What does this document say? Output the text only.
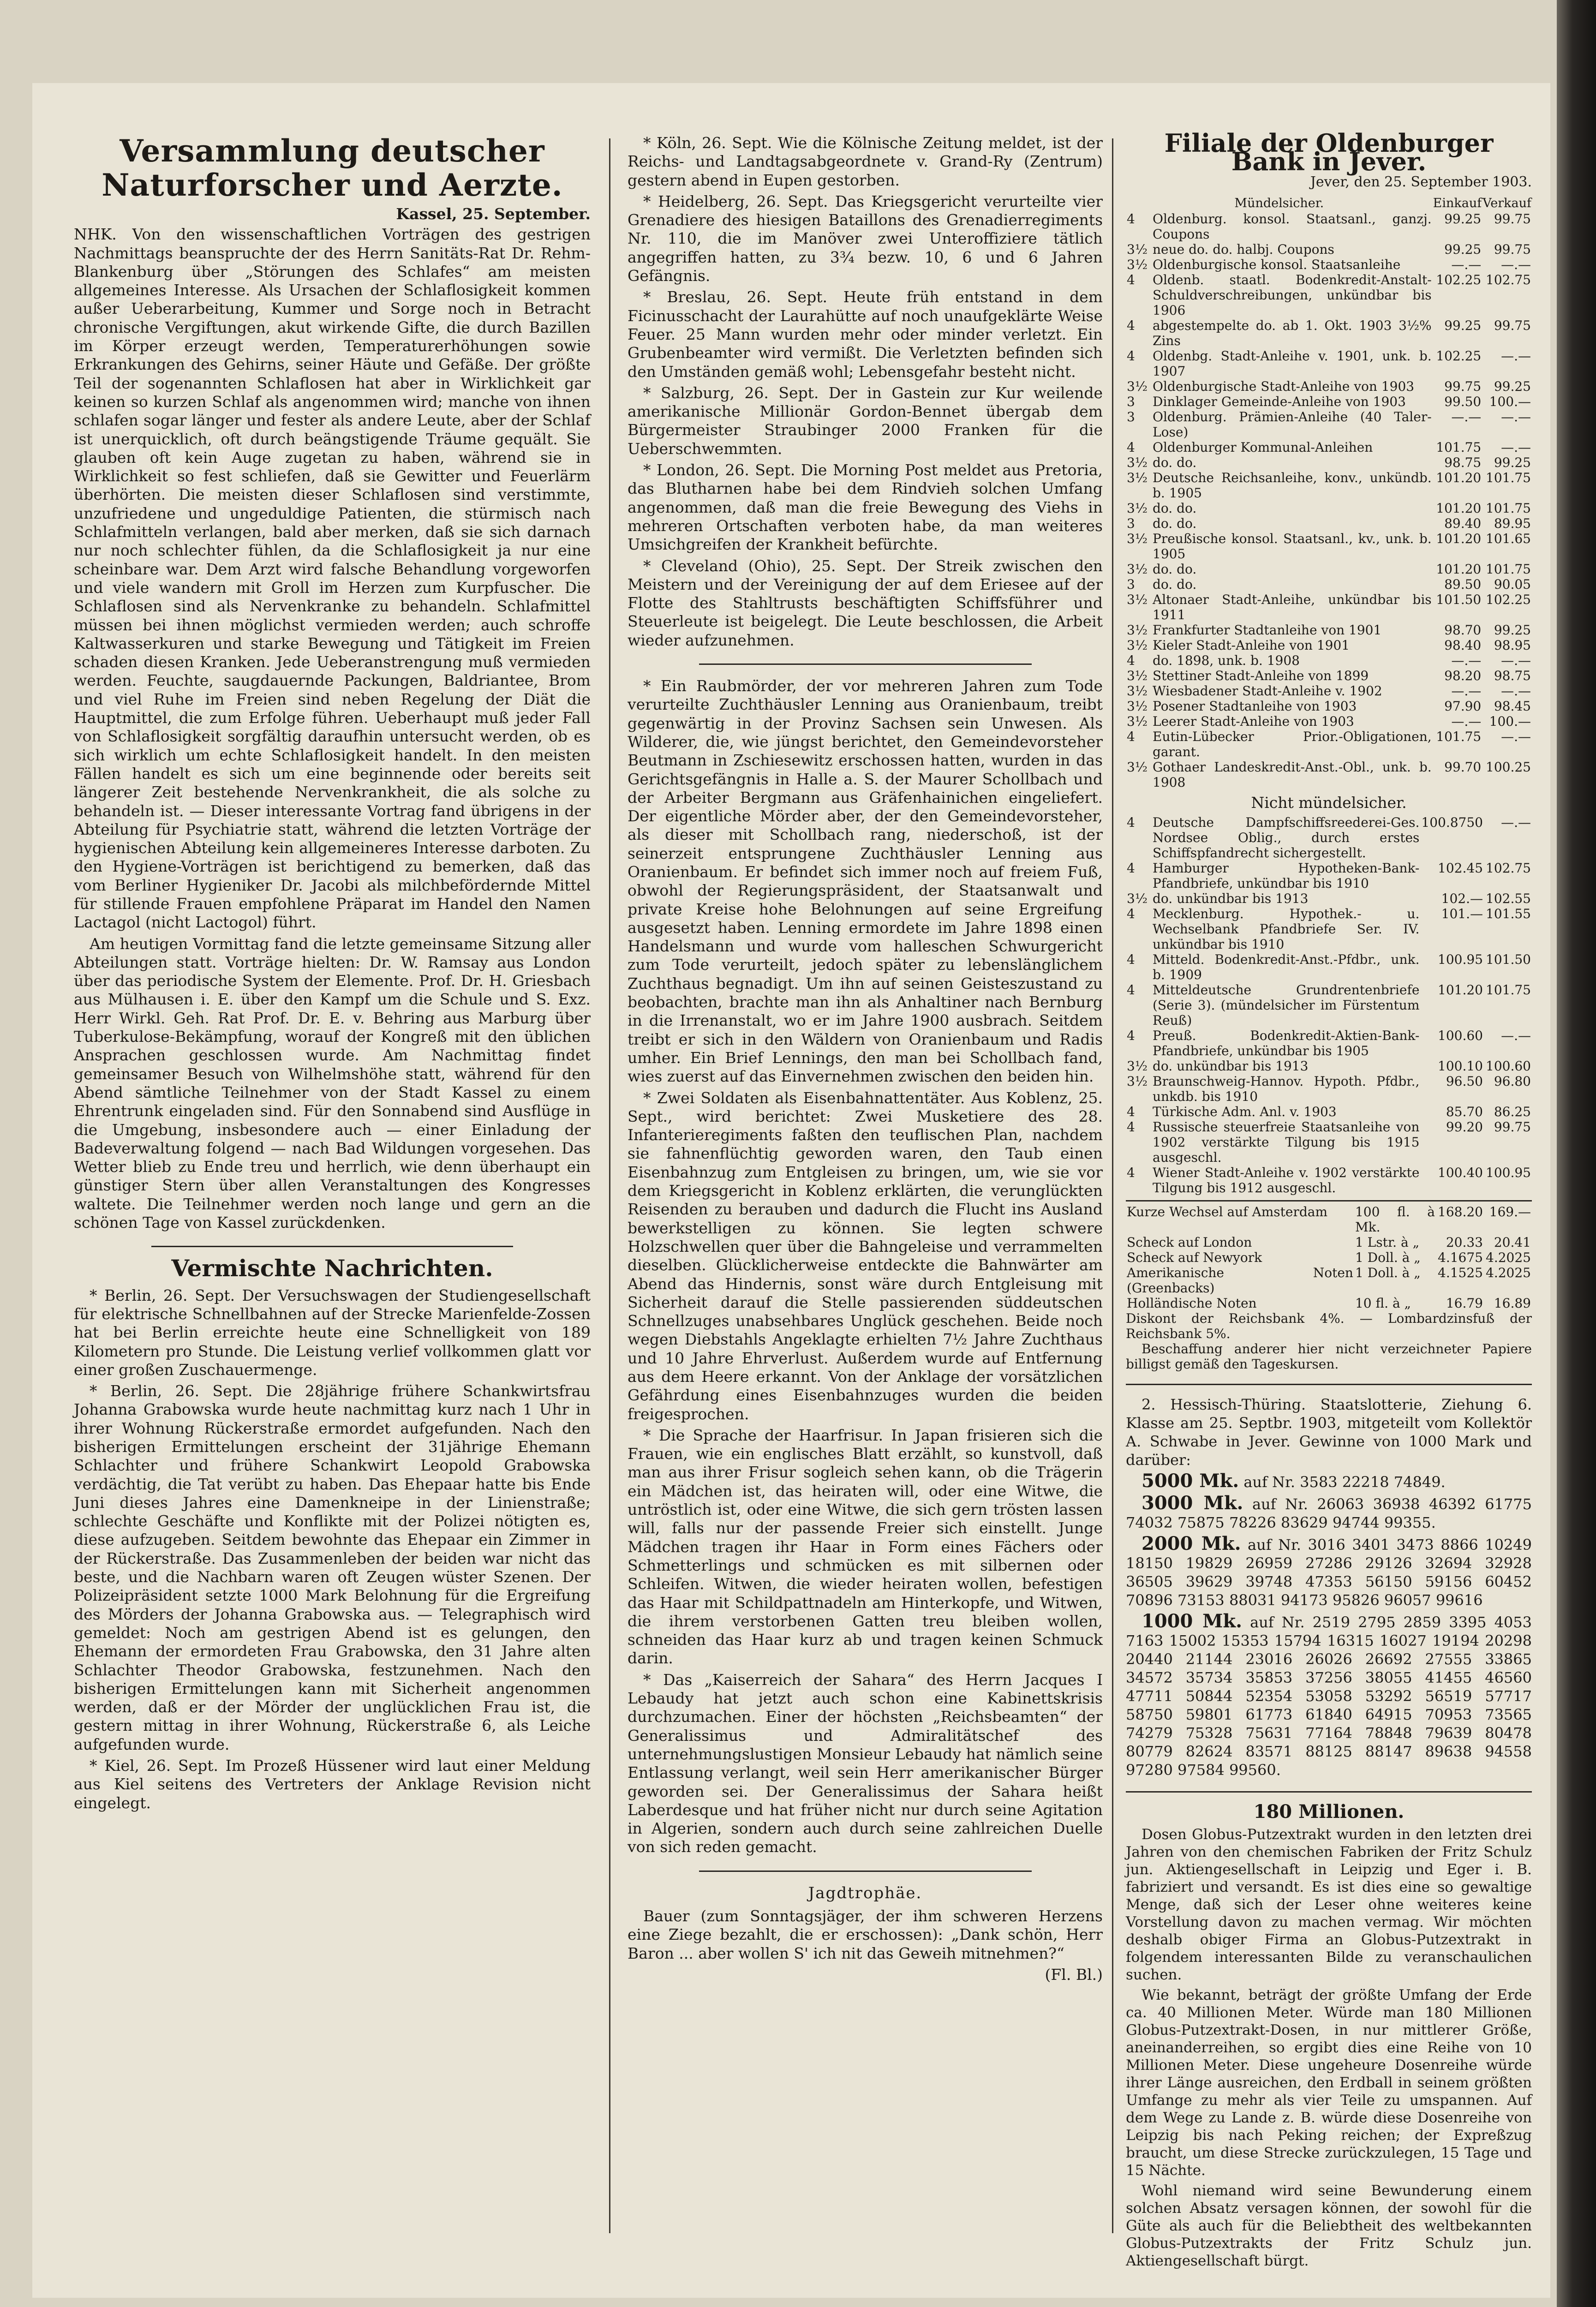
Versammlung deutscher Naturforscher und Aerzte.
Kassel, 25. September.

NHK. Von den wissenschaftlichen Vorträgen des gestrigen Nachmittags beanspruchte der des Herrn Sanitäts-Rat Dr. Rehm-Blankenburg über „Störungen des Schlafes“ am meisten allgemeines Interesse. Als Ursachen der Schlaflosigkeit kommen außer Ueberarbeitung, Kummer und Sorge noch in Betracht chronische Vergiftungen, akut wirkende Gifte, die durch Bazillen im Körper erzeugt werden, Temperaturerhöhungen sowie Erkrankungen des Gehirns, seiner Häute und Gefäße. Der größte Teil der sogenannten Schlaflosen hat aber in Wirklichkeit gar keinen so kurzen Schlaf als angenommen wird; manche von ihnen schlafen sogar länger und fester als andere Leute, aber der Schlaf ist unerquicklich, oft durch beängstigende Träume gequält. Sie glauben oft kein Auge zugetan zu haben, während sie in Wirklichkeit so fest schliefen, daß sie Gewitter und Feuerlärm überhörten. Die meisten dieser Schlaflosen sind verstimmte, unzufriedene und ungeduldige Patienten, die stürmisch nach Schlafmitteln verlangen, bald aber merken, daß sie sich darnach nur noch schlechter fühlen, da die Schlaflosigkeit ja nur eine scheinbare war. Dem Arzt wird falsche Behandlung vorgeworfen und viele wandern mit Groll im Herzen zum Kurpfuscher. Die Schlaflosen sind als Nervenkranke zu behandeln. Schlafmittel müssen bei ihnen möglichst vermieden werden; auch schroffe Kaltwasserkuren und starke Bewegung und Tätigkeit im Freien schaden diesen Kranken. Jede Ueberanstrengung muß vermieden werden. Feuchte, saugdauernde Packungen, Baldriantee, Brom und viel Ruhe im Freien sind neben Regelung der Diät die Hauptmittel, die zum Erfolge führen. Ueberhaupt muß jeder Fall von Schlaflosigkeit sorgfältig daraufhin untersucht werden, ob es sich wirklich um echte Schlaflosigkeit handelt. In den meisten Fällen handelt es sich um eine beginnende oder bereits seit längerer Zeit bestehende Nervenkrankheit, die als solche zu behandeln ist. — Dieser interessante Vortrag fand übrigens in der Abteilung für Psychiatrie statt, während die letzten Vorträge der hygienischen Abteilung kein allgemeineres Interesse darboten. Zu den Hygiene-Vorträgen ist berichtigend zu bemerken, daß das vom Berliner Hygieniker Dr. Jacobi als milchbefördernde Mittel für stillende Frauen empfohlene Präparat im Handel den Namen Lactagol (nicht Lactogol) führt.

Am heutigen Vormittag fand die letzte gemeinsame Sitzung aller Abteilungen statt. Vorträge hielten: Dr. W. Ramsay aus London über das periodische System der Elemente. Prof. Dr. H. Griesbach aus Mülhausen i. E. über den Kampf um die Schule und S. Exz. Herr Wirkl. Geh. Rat Prof. Dr. E. v. Behring aus Marburg über Tuberkulose-Bekämpfung, worauf der Kongreß mit den üblichen Ansprachen geschlossen wurde. Am Nachmittag findet gemeinsamer Besuch von Wilhelmshöhe statt, während für den Abend sämtliche Teilnehmer von der Stadt Kassel zu einem Ehrentrunk eingeladen sind. Für den Sonnabend sind Ausflüge in die Umgebung, insbesondere auch — einer Einladung der Badeverwaltung folgend — nach Bad Wildungen vorgesehen. Das Wetter blieb zu Ende treu und herrlich, wie denn überhaupt ein günstiger Stern über allen Veranstaltungen des Kongresses waltete. Die Teilnehmer werden noch lange und gern an die schönen Tage von Kassel zurückdenken.

Vermischte Nachrichten.

* Berlin, 26. Sept. Der Versuchswagen der Studiengesellschaft für elektrische Schnellbahnen auf der Strecke Marienfelde-Zossen hat bei Berlin erreichte heute eine Schnelligkeit von 189 Kilometern pro Stunde. Die Leistung verlief vollkommen glatt vor einer großen Zuschauermenge.

* Berlin, 26. Sept. Die 28jährige frühere Schankwirtsfrau Johanna Grabowska wurde heute nachmittag kurz nach 1 Uhr in ihrer Wohnung Rückerstraße ermordet aufgefunden. Nach den bisherigen Ermittelungen erscheint der 31jährige Ehemann Schlachter und frühere Schankwirt Leopold Grabowska verdächtig, die Tat verübt zu haben. Das Ehepaar hatte bis Ende Juni dieses Jahres eine Damenkneipe in der Linienstraße; schlechte Geschäfte und Konflikte mit der Polizei nötigten es, diese aufzugeben. Seitdem bewohnte das Ehepaar ein Zimmer in der Rückerstraße. Das Zusammenleben der beiden war nicht das beste, und die Nachbarn waren oft Zeugen wüster Szenen. Der Polizeipräsident setzte 1000 Mark Belohnung für die Ergreifung des Mörders der Johanna Grabowska aus. — Telegraphisch wird gemeldet: Noch am gestrigen Abend ist es gelungen, den Ehemann der ermordeten Frau Grabowska, den 31 Jahre alten Schlachter Theodor Grabowska, festzunehmen. Nach den bisherigen Ermittelungen kann mit Sicherheit angenommen werden, daß er der Mörder der unglücklichen Frau ist, die gestern mittag in ihrer Wohnung, Rückerstraße 6, als Leiche aufgefunden wurde.

* Kiel, 26. Sept. Im Prozeß Hüssener wird laut einer Meldung aus Kiel seitens des Vertreters der Anklage Revision nicht eingelegt.

* Köln, 26. Sept. Wie die Kölnische Zeitung meldet, ist der Reichs- und Landtagsabgeordnete v. Grand-Ry (Zentrum) gestern abend in Eupen gestorben.

* Heidelberg, 26. Sept. Das Kriegsgericht verurteilte vier Grenadiere des hiesigen Bataillons des Grenadierregiments Nr. 110, die im Manöver zwei Unteroffiziere tätlich angegriffen hatten, zu 3¾ bezw. 10, 6 und 6 Jahren Gefängnis.

* Breslau, 26. Sept. Heute früh entstand in dem Ficinusschacht der Laurahütte auf noch unaufgeklärte Weise Feuer. 25 Mann wurden mehr oder minder verletzt. Ein Grubenbeamter wird vermißt. Die Verletzten befinden sich den Umständen gemäß wohl; Lebensgefahr besteht nicht.

* Salzburg, 26. Sept. Der in Gastein zur Kur weilende amerikanische Millionär Gordon-Bennet übergab dem Bürgermeister Straubinger 2000 Franken für die Ueberschwemmten.

* London, 26. Sept. Die Morning Post meldet aus Pretoria, das Blutharnen habe bei dem Rindvieh solchen Umfang angenommen, daß man die freie Bewegung des Viehs in mehreren Ortschaften verboten habe, da man weiteres Umsichgreifen der Krankheit befürchte.

* Cleveland (Ohio), 25. Sept. Der Streik zwischen den Meistern und der Vereinigung der auf dem Eriesee auf der Flotte des Stahltrusts beschäftigten Schiffsführer und Steuerleute ist beigelegt. Die Leute beschlossen, die Arbeit wieder aufzunehmen.

* Ein Raubmörder, der vor mehreren Jahren zum Tode verurteilte Zuchthäusler Lenning aus Oranienbaum, treibt gegenwärtig in der Provinz Sachsen sein Unwesen. Als Wilderer, die, wie jüngst berichtet, den Gemeindevorsteher Beutmann in Zschiesewitz erschossen hatten, wurden in das Gerichtsgefängnis in Halle a. S. der Maurer Schollbach und der Arbeiter Bergmann aus Gräfenhainichen eingeliefert. Der eigentliche Mörder aber, der den Gemeindevorsteher, als dieser mit Schollbach rang, niederschoß, ist der seinerzeit entsprungene Zuchthäusler Lenning aus Oranienbaum. Er befindet sich immer noch auf freiem Fuß, obwohl der Regierungspräsident, der Staatsanwalt und private Kreise hohe Belohnungen auf seine Ergreifung ausgesetzt haben. Lenning ermordete im Jahre 1898 einen Handelsmann und wurde vom halleschen Schwurgericht zum Tode verurteilt, jedoch später zu lebenslänglichem Zuchthaus begnadigt. Um ihn auf seinen Geisteszustand zu beobachten, brachte man ihn als Anhaltiner nach Bernburg in die Irrenanstalt, wo er im Jahre 1900 ausbrach. Seitdem treibt er sich in den Wäldern von Oranienbaum und Radis umher. Ein Brief Lennings, den man bei Schollbach fand, wies zuerst auf das Einvernehmen zwischen den beiden hin.

* Zwei Soldaten als Eisenbahnattentäter. Aus Koblenz, 25. Sept., wird berichtet: Zwei Musketiere des 28. Infanterieregiments faßten den teuflischen Plan, nachdem sie fahnenflüchtig geworden waren, den Taub einen Eisenbahnzug zum Entgleisen zu bringen, um, wie sie vor dem Kriegsgericht in Koblenz erklärten, die verunglückten Reisenden zu berauben und dadurch die Flucht ins Ausland bewerkstelligen zu können. Sie legten schwere Holzschwellen quer über die Bahngeleise und verrammelten dieselben. Glücklicherweise entdeckte die Bahnwärter am Abend das Hindernis, sonst wäre durch Entgleisung mit Sicherheit darauf die Stelle passierenden süddeutschen Schnellzuges unabsehbares Unglück geschehen. Beide noch wegen Diebstahls Angeklagte erhielten 7½ Jahre Zuchthaus und 10 Jahre Ehrverlust. Außerdem wurde auf Entfernung aus dem Heere erkannt. Von der Anklage der vorsätzlichen Gefährdung eines Eisenbahnzuges wurden die beiden freigesprochen.

* Die Sprache der Haarfrisur. In Japan frisieren sich die Frauen, wie ein englisches Blatt erzählt, so kunstvoll, daß man aus ihrer Frisur sogleich sehen kann, ob die Trägerin ein Mädchen ist, das heiraten will, oder eine Witwe, die untröstlich ist, oder eine Witwe, die sich gern trösten lassen will, falls nur der passende Freier sich einstellt. Junge Mädchen tragen ihr Haar in Form eines Fächers oder Schmetterlings und schmücken es mit silbernen oder Schleifen. Witwen, die wieder heiraten wollen, befestigen das Haar mit Schildpattnadeln am Hinterkopfe, und Witwen, die ihrem verstorbenen Gatten treu bleiben wollen, schneiden das Haar kurz ab und tragen keinen Schmuck darin.

* Das „Kaiserreich der Sahara“ des Herrn Jacques I Lebaudy hat jetzt auch schon eine Kabinettskrisis durchzumachen. Einer der höchsten „Reichsbeamten“ der Generalissimus und Admiralitätschef des unternehmungslustigen Monsieur Lebaudy hat nämlich seine Entlassung verlangt, weil sein Herr amerikanischer Bürger geworden sei. Der Generalissimus der Sahara heißt Laberdesque und hat früher nicht nur durch seine Agitation in Algerien, sondern auch durch seine zahlreichen Duelle von sich reden gemacht.

Jagdtrophäe.

Bauer (zum Sonntagsjäger, der ihm schweren Herzens eine Ziege bezahlt, die er erschossen): „Dank schön, Herr Baron ... aber wollen S' ich nit das Geweih mitnehmen?“

(Fl. Bl.)
Filiale der Oldenburger Bank in Jever.
Jever, den 25. September 1903.
Mündelsicher.		Einkauf	Verkauf
4	Oldenburg. konsol. Staatsanl., ganzj. Coupons	99.25	99.75
3½	neue do. do. halbj. Coupons	99.25	99.75
3½	Oldenburgische konsol. Staatsanleihe	—.—	—.—
4	Oldenb. staatl. Bodenkredit-Anstalt-Schuldverschreibungen, unkündbar bis 1906	102.25	102.75
4	abgestempelte do. ab 1. Okt. 1903 3½% Zins	99.25	99.75
4	Oldenbg. Stadt-Anleihe v. 1901, unk. b. 1907	102.25	—.—
3½	Oldenburgische Stadt-Anleihe von 1903	99.75	99.25
3	Dinklager Gemeinde-Anleihe von 1903	99.50	100.—
3	Oldenburg. Prämien-Anleihe (40 Taler-Lose)	—.—	—.—
4	Oldenburger Kommunal-Anleihen	101.75	—.—
3½	do. do.	98.75	99.25
3½	Deutsche Reichsanleihe, konv., unkündb. b. 1905	101.20	101.75
3½	do. do.	101.20	101.75
3	do. do.	89.40	89.95
3½	Preußische konsol. Staatsanl., kv., unk. b. 1905	101.20	101.65
3½	do. do.	101.20	101.75
3	do. do.	89.50	90.05
3½	Altonaer Stadt-Anleihe, unkündbar bis 1911	101.50	102.25
3½	Frankfurter Stadtanleihe von 1901	98.70	99.25
3½	Kieler Stadt-Anleihe von 1901	98.40	98.95
4	do. 1898, unk. b. 1908	—.—	—.—
3½	Stettiner Stadt-Anleihe von 1899	98.20	98.75
3½	Wiesbadener Stadt-Anleihe v. 1902	—.—	—.—
3½	Posener Stadtanleihe von 1903	97.90	98.45
3½	Leerer Stadt-Anleihe von 1903	—.—	100.—
4	Eutin-Lübecker Prior.-Obligationen, garant.	101.75	—.—
3½	Gothaer Landeskredit-Anst.-Obl., unk. b. 1908	99.70	100.25
Nicht mündelsicher.
4	Deutsche Dampfschiffsreederei-Ges. Nordsee Oblig., durch erstes Schiffspfandrecht sichergestellt.	100.8750	—.—
4	Hamburger Hypotheken-Bank-Pfandbriefe, unkündbar bis 1910	102.45	102.75
3½	do. unkündbar bis 1913	102.—	102.55
4	Mecklenburg. Hypothek.- u. Wechselbank Pfandbriefe Ser. IV. unkündbar bis 1910	101.—	101.55
4	Mitteld. Bodenkredit-Anst.-Pfdbr., unk. b. 1909	100.95	101.50
4	Mitteldeutsche Grundrentenbriefe (Serie 3). (mündelsicher im Fürstentum Reuß)	101.20	101.75
4	Preuß. Bodenkredit-Aktien-Bank-Pfandbriefe, unkündbar bis 1905	100.60	—.—
3½	do. unkündbar bis 1913	100.10	100.60
3½	Braunschweig-Hannov. Hypoth. Pfdbr., unkdb. bis 1910	96.50	96.80
4	Türkische Adm. Anl. v. 1903	85.70	86.25
4	Russische steuerfreie Staatsanleihe von 1902 verstärkte Tilgung bis 1915 ausgeschl.	99.20	99.75
4	Wiener Stadt-Anleihe v. 1902 verstärkte Tilgung bis 1912 ausgeschl.	100.40	100.95
Kurze Wechsel auf Amsterdam	100 fl. à Mk.	168.20	169.—
Scheck auf London	1 Lstr. à „	20.33	20.41
Scheck auf Newyork	1 Doll. à „	4.1675	4.2025
Amerikanische Noten (Greenbacks)	1 Doll. à „	4.1525	4.2025
Holländische Noten	10 fl. à „	16.79	16.89
Diskont der Reichsbank 4%. — Lombardzinsfuß der Reichsbank 5%.
Beschaffung anderer hier nicht verzeichneter Papiere billigst gemäß den Tageskursen.

2. Hessisch-Thüring. Staatslotterie, Ziehung 6. Klasse am 25. Septbr. 1903, mitgeteilt vom Kollektör A. Schwabe in Jever. Gewinne von 1000 Mark und darüber:

5000 Mk. auf Nr. 3583 22218 74849.

3000 Mk. auf Nr. 26063 36938 46392 61775 74032 75875 78226 83629 94744 99355.

2000 Mk. auf Nr. 3016 3401 3473 8866 10249 18150 19829 26959 27286 29126 32694 32928 36505 39629 39748 47353 56150 59156 60452 70896 73153 88031 94173 95826 96057 99616

1000 Mk. auf Nr. 2519 2795 2859 3395 4053 7163 15002 15353 15794 16315 16027 19194 20298 20440 21144 23016 26026 26692 27555 33865 34572 35734 35853 37256 38055 41455 46560 47711 50844 52354 53058 53292 56519 57717 58750 59801 61773 61840 64915 70953 73565 74279 75328 75631 77164 78848 79639 80478 80779 82624 83571 88125 88147 89638 94558 97280 97584 99560.

180 Millionen.

Dosen Globus-Putzextrakt wurden in den letzten drei Jahren von den chemischen Fabriken der Fritz Schulz jun. Aktiengesellschaft in Leipzig und Eger i. B. fabriziert und versandt. Es ist dies eine so gewaltige Menge, daß sich der Leser ohne weiteres keine Vorstellung davon zu machen vermag. Wir möchten deshalb obiger Firma an Globus-Putzextrakt in folgendem interessanten Bilde zu veranschaulichen suchen.

Wie bekannt, beträgt der größte Umfang der Erde ca. 40 Millionen Meter. Würde man 180 Millionen Globus-Putzextrakt-Dosen, in nur mittlerer Größe, aneinanderreihen, so ergibt dies eine Reihe von 10 Millionen Meter. Diese ungeheure Dosenreihe würde ihrer Länge ausreichen, den Erdball in seinem größten Umfange zu mehr als vier Teile zu umspannen. Auf dem Wege zu Lande z. B. würde diese Dosenreihe von Leipzig bis nach Peking reichen; der Expreßzug braucht, um diese Strecke zurückzulegen, 15 Tage und 15 Nächte.

Wohl niemand wird seine Bewunderung einem solchen Absatz versagen können, der sowohl für die Güte als auch für die Beliebtheit des weltbekannten Globus-Putzextrakts der Fritz Schulz jun. Aktiengesellschaft bürgt.
